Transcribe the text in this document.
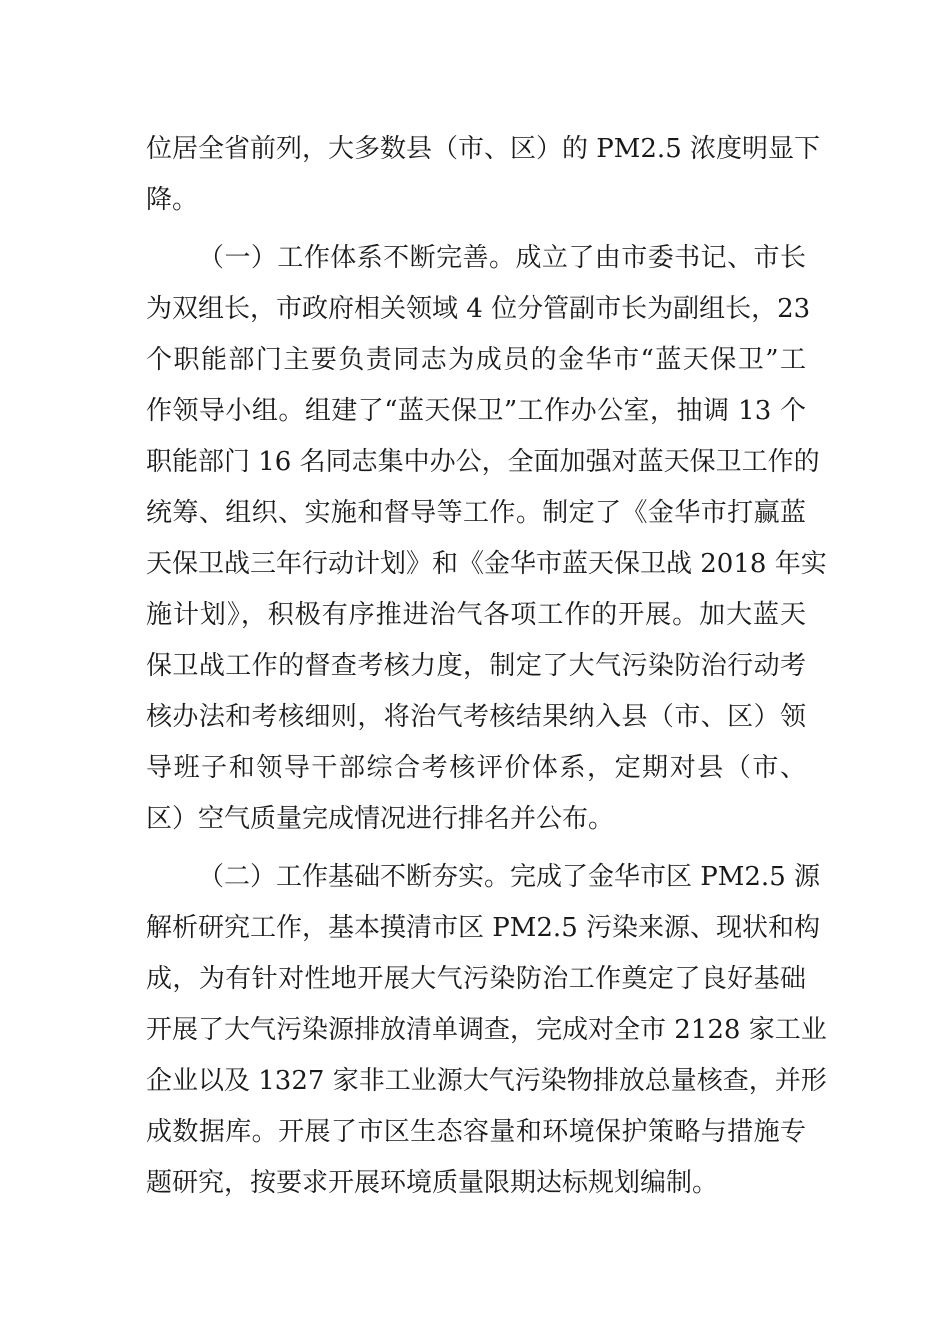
位居全省前列，大多数县（市、区）的 PM2.5 浓度明显下
降。
（一）工作体系不断完善。成立了由市委书记、市长
为双组长，市政府相关领域 4 位分管副市长为副组长，23
个职能部门主要负责同志为成员的金华市“蓝天保卫”工
作领导小组。组建了“蓝天保卫”工作办公室，抽调 13 个
职能部门 16 名同志集中办公，全面加强对蓝天保卫工作的
统筹、组织、实施和督导等工作。制定了《金华市打赢蓝
天保卫战三年行动计划》和《金华市蓝天保卫战 2018 年实
施计划》，积极有序推进治气各项工作的开展。加大蓝天
保卫战工作的督查考核力度，制定了大气污染防治行动考
核办法和考核细则，将治气考核结果纳入县（市、区）领
导班子和领导干部综合考核评价体系，定期对县（市、
区）空气质量完成情况进行排名并公布。
（二）工作基础不断夯实。完成了金华市区 PM2.5 源
解析研究工作，基本摸清市区 PM2.5 污染来源、现状和构
成，为有针对性地开展大气污染防治工作奠定了良好基础
开展了大气污染源排放清单调查，完成对全市 2128 家工业
企业以及 1327 家非工业源大气污染物排放总量核查，并形
成数据库。开展了市区生态容量和环境保护策略与措施专
题研究，按要求开展环境质量限期达标规划编制。
